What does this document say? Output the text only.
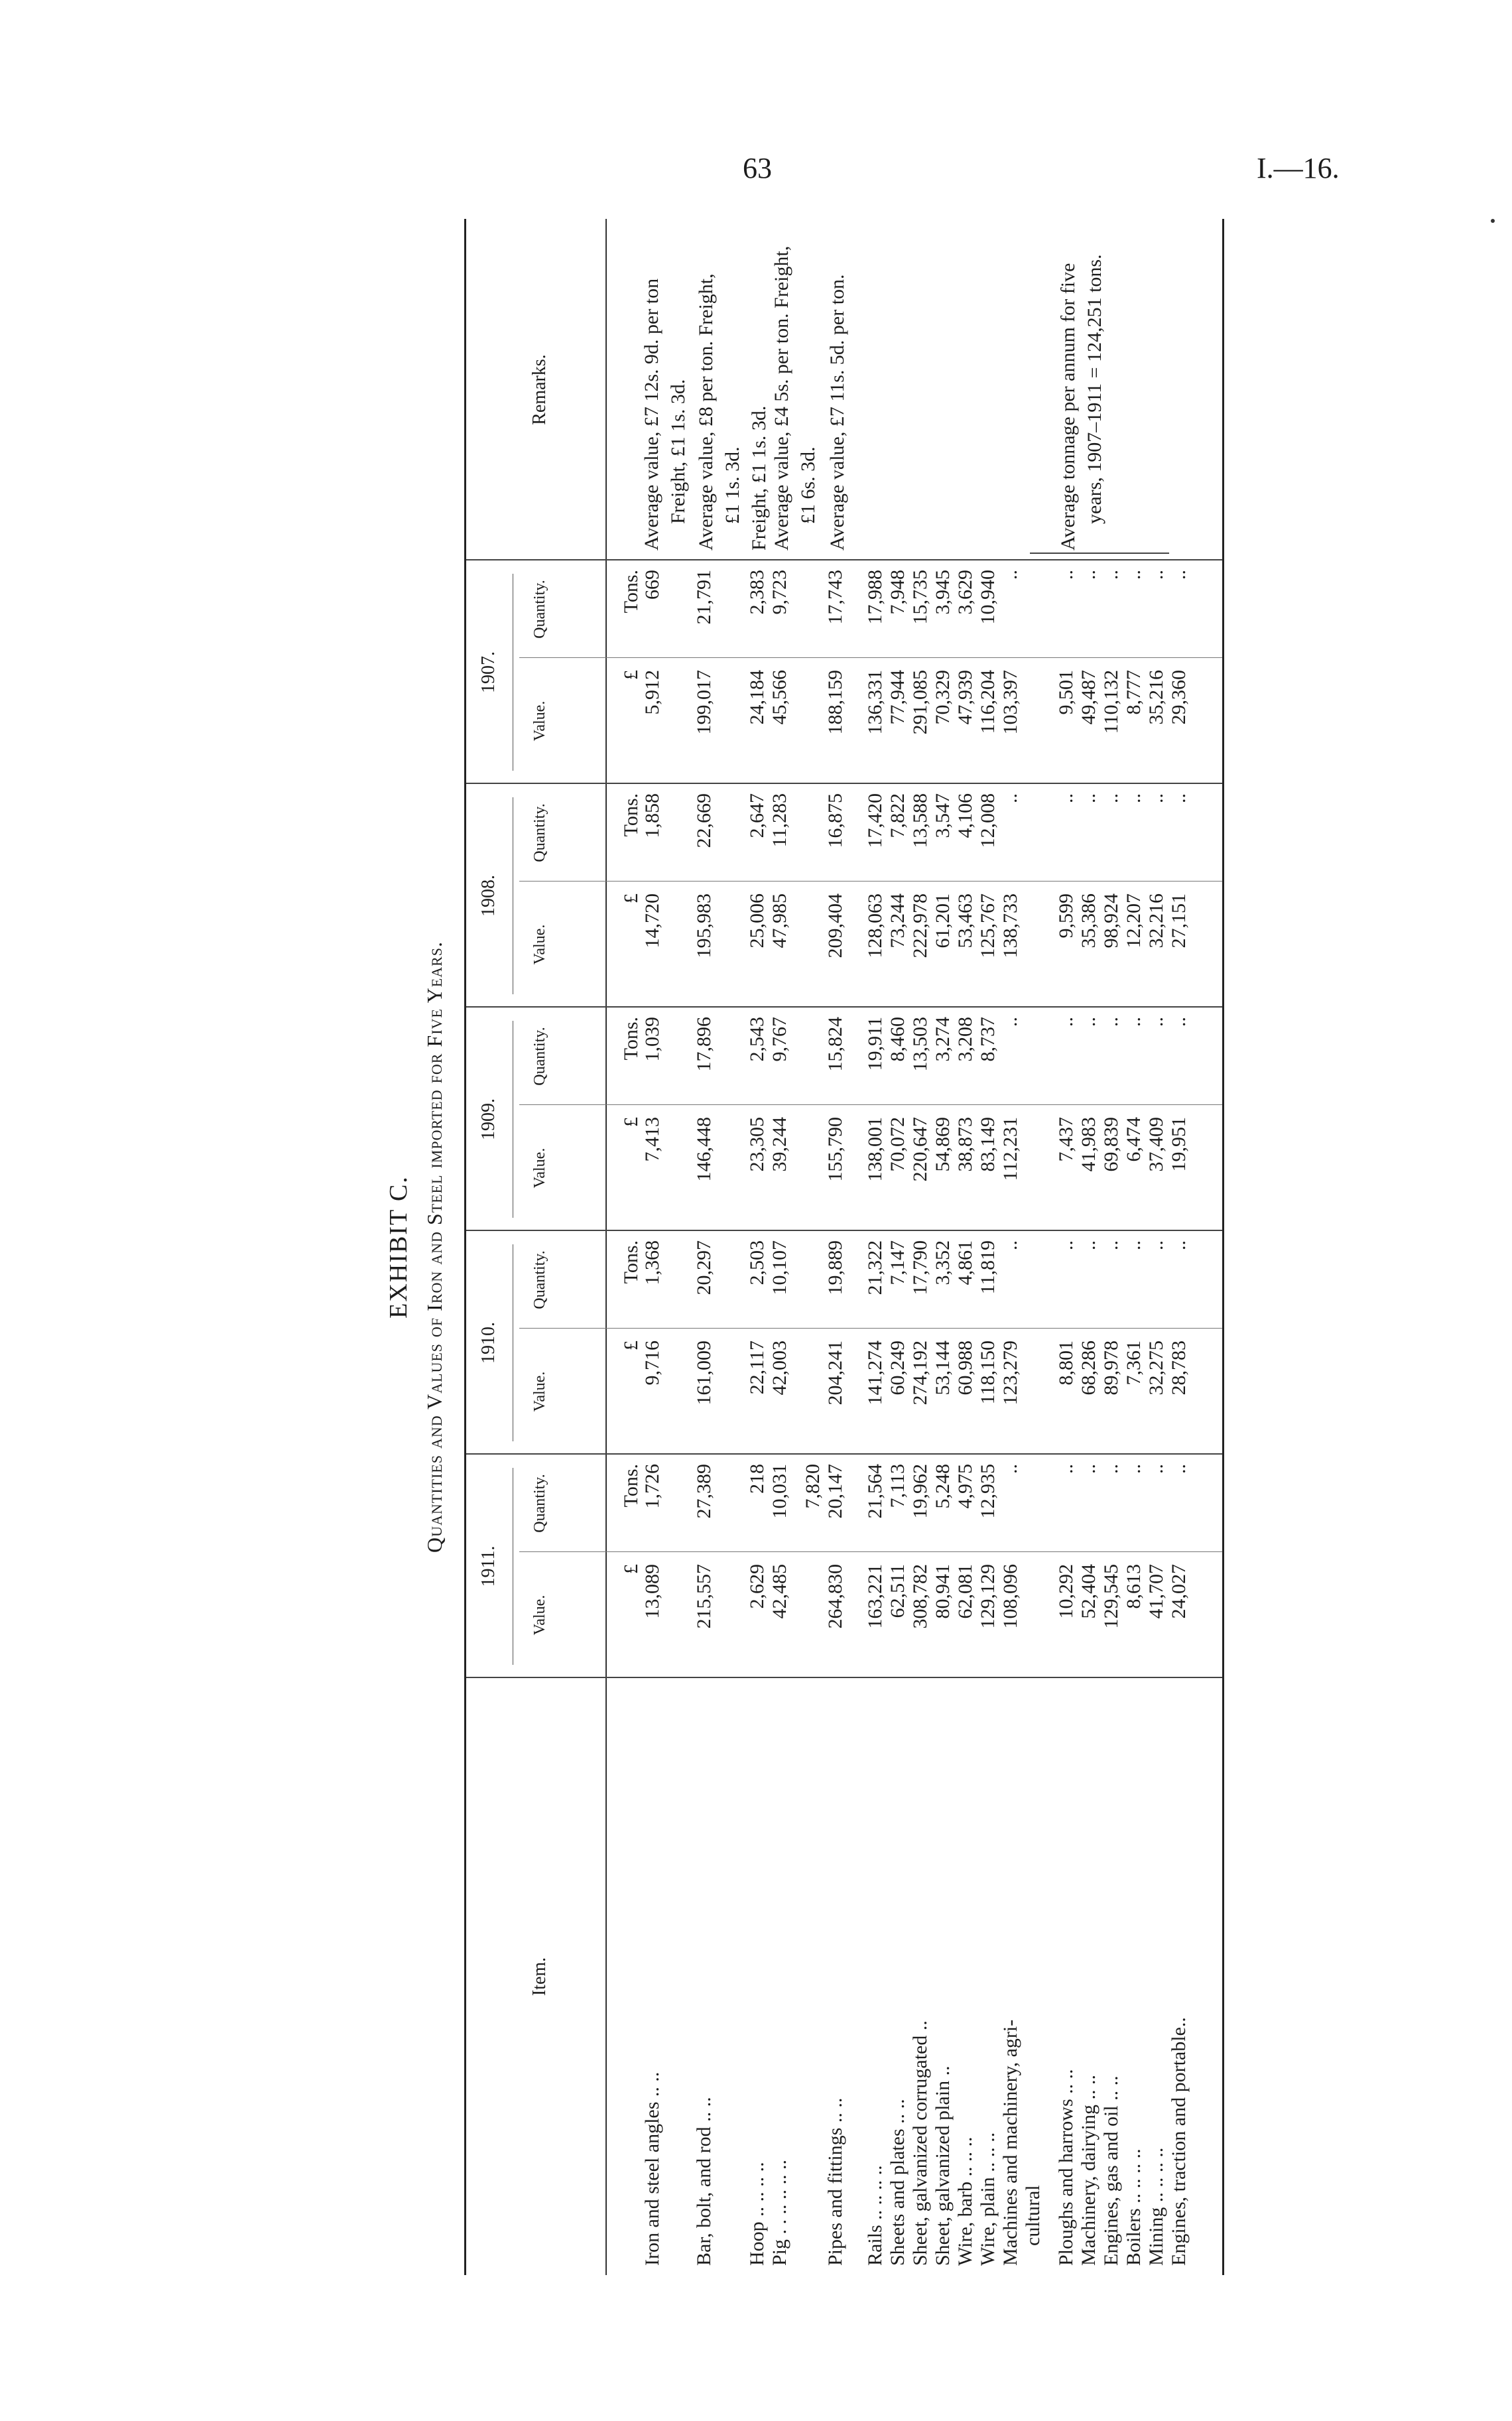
63	I.—16.
EXHIBIT C. Quantities and Values of Iron and Steel imported for Five Years.
Item.
Remarks.
1911.
Value.
Quantity.
£
Tons.
1910.
Value.
Quantity.
£
Tons.
1909.
Value.
Quantity.
£
Tons.
1908.
Value.
Quantity.
£
Tons.
1907.
Value.
Quantity.
£
Tons.
Iron and steel angles .. ..
13,089
1,726
9,716
1,368
7,413
1,039
14,720
1,858
5,912
669
Bar, bolt, and rod .. ..
215,557
27,389
161,009
20,297
146,448
17,896
195,983
22,669
199,017
21,791
Hoop .. .. .. ..
2,629
218
22,117
2,503
23,305
2,543
25,006
2,647
24,184
2,383
Pig . . .. .. .. ..
42,485
10,031
42,003
10,107
39,244
9,767
47,985
11,283
45,566
9,723
Pipes and fittings .. ..
264,830
7,820
20,147
204,241
19,889
155,790
15,824
209,404
16,875
188,159
17,743
Rails .. .. .. ..
163,221
21,564
141,274
21,322
138,001
19,911
128,063
17,420
136,331
17,988
Sheets and plates .. ..
62,511
7,113
60,249
7,147
70,072
8,460
73,244
7,822
77,944
7,948
Sheet, galvanized corrugated ..
308,782
19,962
274,192
17,790
220,647
13,503
222,978
13,588
291,085
15,735
Sheet, galvanized plain ..
80,941
5,248
53,144
3,352
54,869
3,274
61,201
3,547
70,329
3,945
Wire, barb .. .. ..
62,081
4,975
60,988
4,861
38,873
3,208
53,463
4,106
47,939
3,629
Wire, plain .. .. ..
129,129
12,935
118,150
11,819
83,149
8,737
125,767
12,008
116,204
10,940
Machines and machinery, agri-
108,096
..
123,279
..
112,231
..
138,733
..
103,397
..
cultural Ploughs and harrows .. ..
10,292
..
8,801
..
7,437
..
9,599
..
9,501
..
Machinery, dairying .. ..
52,404
..
68,286
..
41,983
..
35,386
..
49,487
..
Engines, gas and oil .. ..
129,545
..
89,978
..
69,839
..
98,924
..
110,132
..
Boilers .. .. .. ..
8,613
..
7,361
..
6,474
..
12,207
..
8,777
..
Mining .. .. .. ..
41,707
..
32,275
..
37,409
..
32,216
..
35,216
..
Engines, traction and portable..
24,027
..
28,783
..
19,951
..
27,151
..
29,360
..
Average value, £7 12s. 9d. per ton Freight, £1 1s. 3d. Average value, £8 per ton. Freight, £1 1s. 3d. Freight, £1 1s. 3d. Average value, £4 5s. per ton. Freight, £1 6s. 3d. Average value, £7 11s. 5d. per ton.	Average tonnage per annum for five years, 1907–1911 = 124,251 tons.
